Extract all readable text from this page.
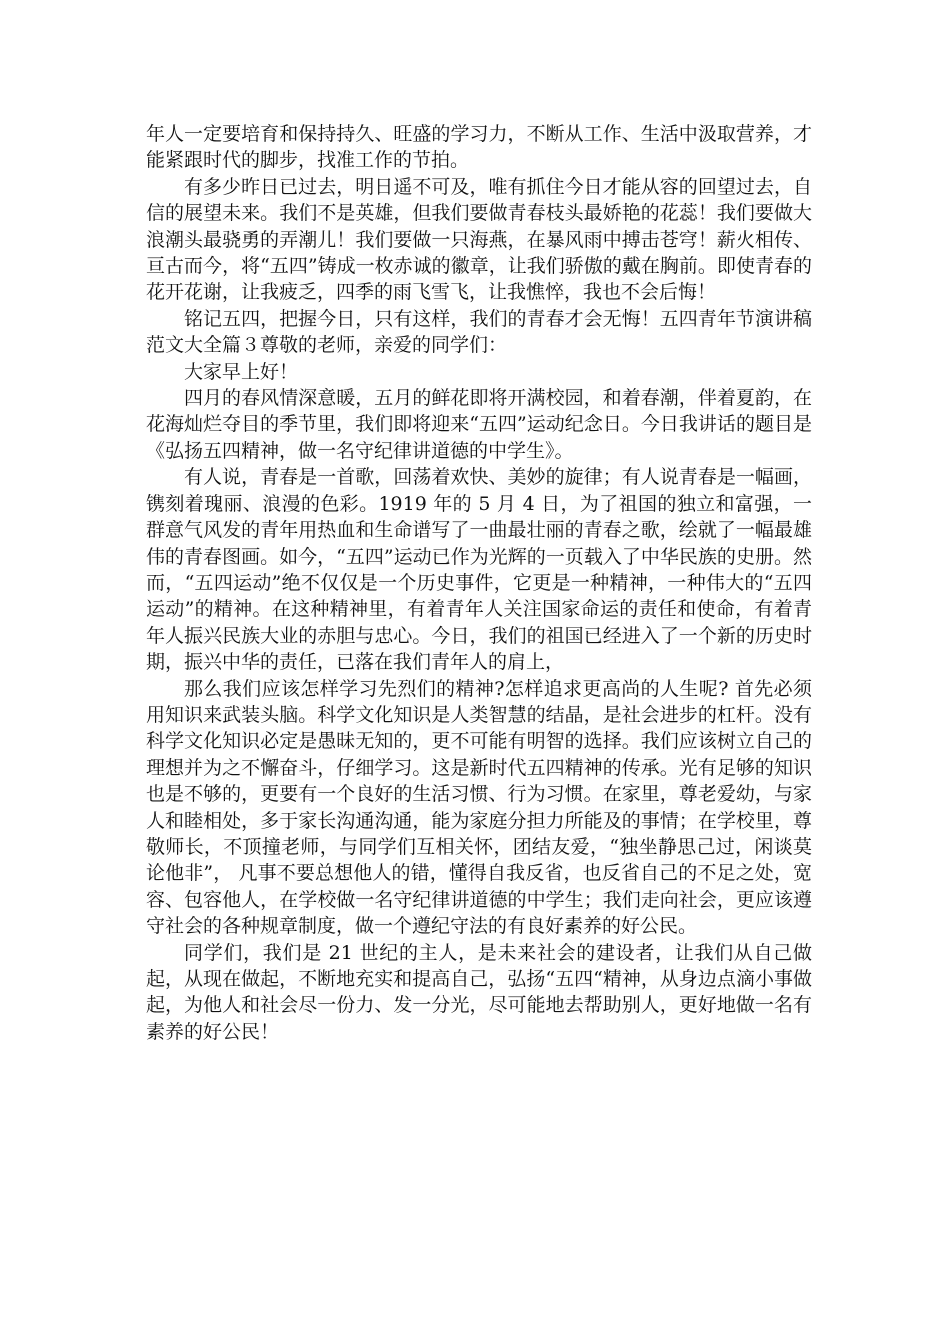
年人一定要培育和保持持久、旺盛的学习力，不断从工作、生活中汲取营养，才能紧跟时代的脚步，找准工作的节拍。

有多少昨日已过去，明日遥不可及，唯有抓住今日才能从容的回望过去，自信的展望未来。我们不是英雄，但我们要做青春枝头最娇艳的花蕊！我们要做大浪潮头最骁勇的弄潮儿！我们要做一只海燕，在暴风雨中搏击苍穹！薪火相传、亘古而今，将“五四”铸成一枚赤诚的徽章，让我们骄傲的戴在胸前。即使青春的花开花谢，让我疲乏，四季的雨飞雪飞，让我憔悴，我也不会后悔！

铭记五四，把握今日，只有这样，我们的青春才会无悔！五四青年节演讲稿范文大全篇３尊敬的老师，亲爱的同学们：

大家早上好！

四月的春风情深意暖，五月的鲜花即将开满校园，和着春潮，伴着夏韵，在花海灿烂夺目的季节里，我们即将迎来“五四”运动纪念日。今日我讲话的题目是《弘扬五四精神，做一名守纪律讲道德的中学生》。

有人说，青春是一首歌，回荡着欢快、美妙的旋律；有人说青春是一幅画，镌刻着瑰丽、浪漫的色彩。1919 年的 5 月 4 日，为了祖国的独立和富强，一群意气风发的青年用热血和生命谱写了一曲最壮丽的青春之歌，绘就了一幅最雄伟的青春图画。如今，“五四”运动已作为光辉的一页载入了中华民族的史册。然而，“五四运动”绝不仅仅是一个历史事件，它更是一种精神，一种伟大的“五四运动”的精神。在这种精神里，有着青年人关注国家命运的责任和使命，有着青年人振兴民族大业的赤胆与忠心。今日，我们的祖国已经进入了一个新的历史时期，振兴中华的责任，已落在我们青年人的肩上，

那么我们应该怎样学习先烈们的精神?怎样追求更高尚的人生呢? 首先必须用知识来武装头脑。科学文化知识是人类智慧的结晶，是社会进步的杠杆。没有科学文化知识必定是愚昧无知的，更不可能有明智的选择。我们应该树立自己的理想并为之不懈奋斗，仔细学习。这是新时代五四精神的传承。光有足够的知识也是不够的，更要有一个良好的生活习惯、行为习惯。在家里，尊老爱幼，与家人和睦相处，多于家长沟通沟通，能为家庭分担力所能及的事情；在学校里，尊敬师长，不顶撞老师，与同学们互相关怀，团结友爱，“独坐静思己过，闲谈莫论他非”， 凡事不要总想他人的错，懂得自我反省，也反省自己的不足之处，宽容、包容他人，在学校做一名守纪律讲道德的中学生；我们走向社会，更应该遵守社会的各种规章制度，做一个遵纪守法的有良好素养的好公民。

同学们，我们是 21 世纪的主人，是未来社会的建设者，让我们从自己做起，从现在做起，不断地充实和提高自己，弘扬“五四“精神，从身边点滴小事做起，为他人和社会尽一份力、发一分光，尽可能地去帮助别人，更好地做一名有素养的好公民！
